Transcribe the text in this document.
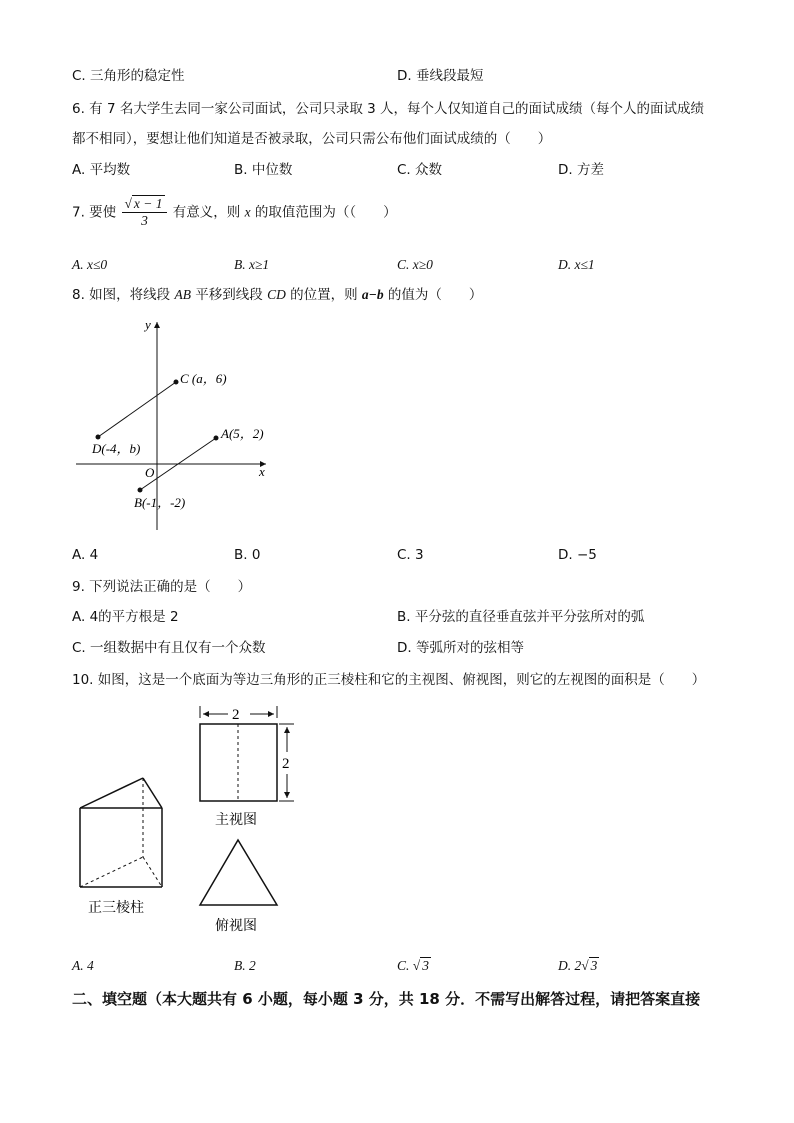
C. 三角形的稳定性	D. 垂线段最短
6. 有 7 名大学生去同一家公司面试，公司只录取 3 人，每个人仅知道自己的面试成绩（每个人的面试成绩
都不相同），要想让他们知道是否被录取，公司只需公布他们面试成绩的（　　）
A. 平均数	B. 中位数	C. 众数	D. 方差
7. 要使 $\frac{√ x - 1}{3}$ 有意义，则 x 的取值范围为（（　　）
A. x≤0	B. x≥1	C. x≥0	D. x≤1
8. 如图，将线段 AB 平移到线段 CD 的位置，则 a−b 的值为（　　）
y
x
O
C (a，6)
D(-4，b)
A(5，2)
B(-1，-2)
A. 4	B. 0	C. 3	D. −5
9. 下列说法正确的是（　　）
A. 4的平方根是 2	B. 平分弦的直径垂直弦并平分弦所对的弧
C. 一组数据中有且仅有一个众数	D. 等弧所对的弦相等
10. 如图，这是一个底面为等边三角形的正三棱柱和它的主视图、俯视图，则它的左视图的面积是（　　）
正三棱柱
2
2
主视图
俯视图
A. 4	B. 2	C. √ 3	D. 2√ 3
二、填空题（本大题共有 6 小题，每小题 3 分，共 18 分．不需写出解答过程，请把答案直接
